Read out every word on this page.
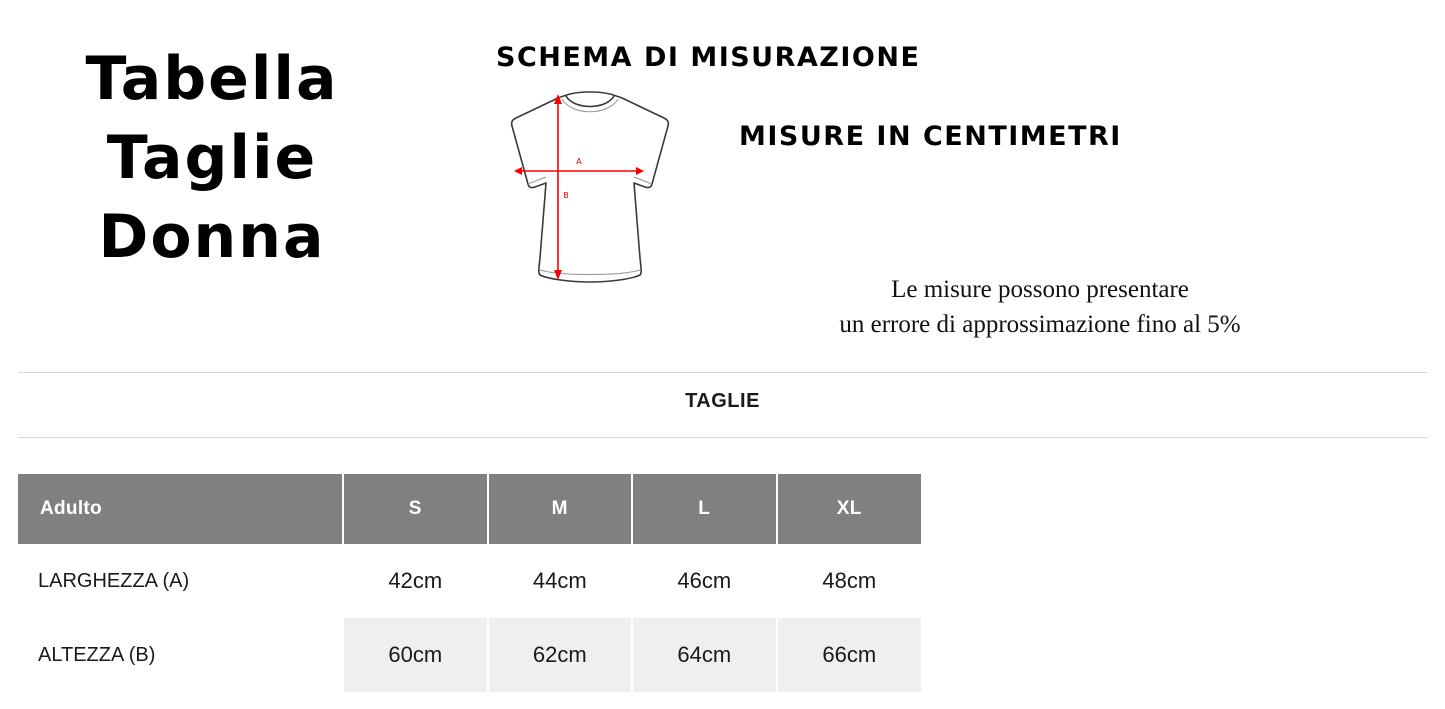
Tabella
Taglie
Donna
SCHEMA DI MISURAZIONE
MISURE IN CENTIMETRI
Le misure possono presentare
un errore di approssimazione fino al 5%
A
B
TAGLIE
Adulto	S	M	L	XL
LARGHEZZA (A)	42cm	44cm	46cm	48cm
ALTEZZA (B)	60cm	62cm	64cm	66cm
